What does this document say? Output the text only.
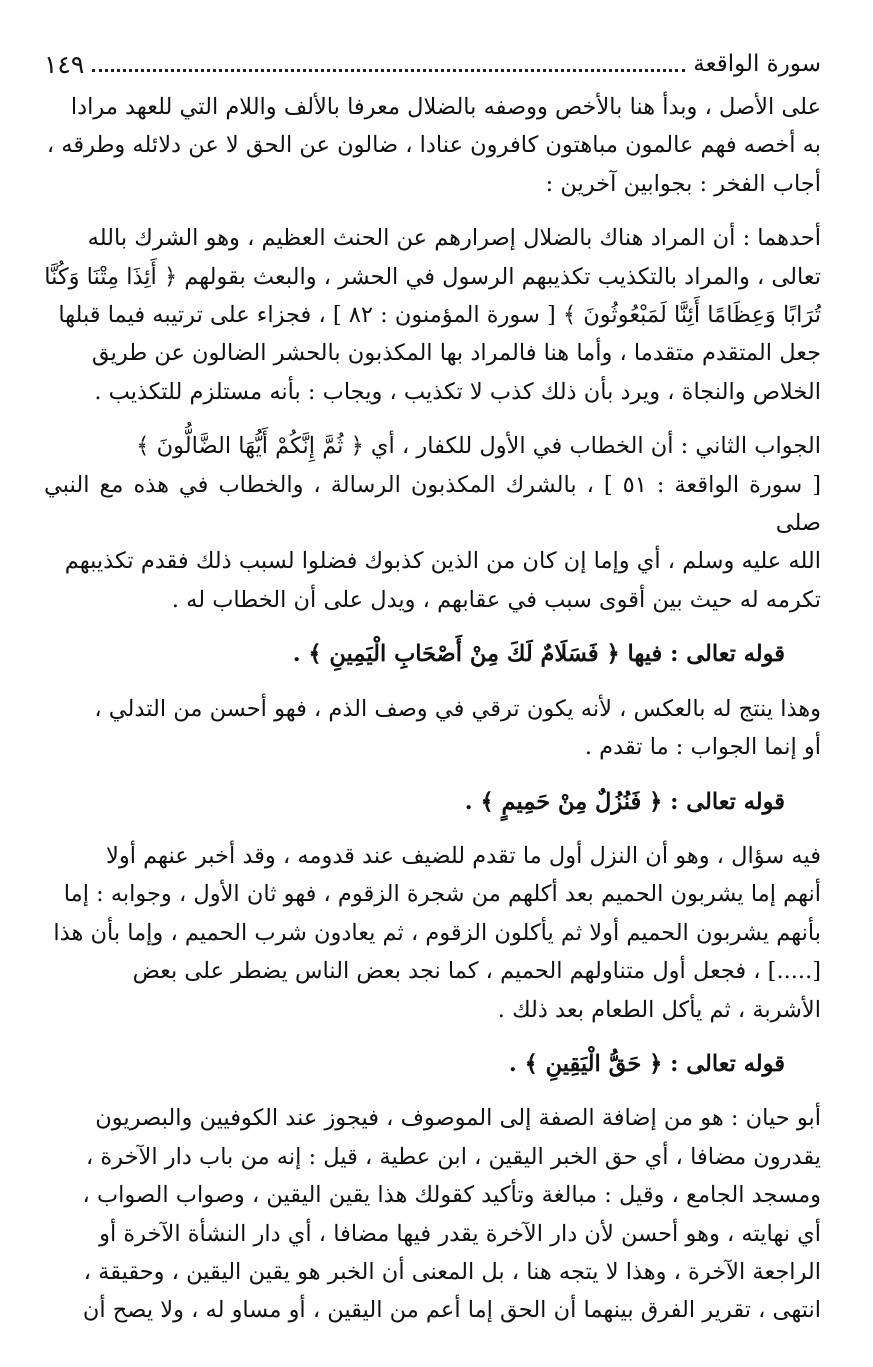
سورة الواقعة
١٤٩

على الأصل ، وبدأ هنا بالأخص ووصفه بالضلال معرفا بالألف واللام التي للعهد مرادا
به أخصه فهم عالمون مباهتون كافرون عنادا ، ضالون عن الحق لا عن دلائله وطرقه ،
أجاب الفخر : بجوابين آخرين :

أحدهما : أن المراد هناك بالضلال إصرارهم عن الحنث العظيم ، وهو الشرك بالله
تعالى ، والمراد بالتكذيب تكذيبهم الرسول في الحشر ، والبعث بقولهم ﴿ أَئِذَا مِتْنَا وَكُنَّا
تُرَابًا وَعِظَامًا أَئِنَّا لَمَبْعُوثُونَ ﴾ [ سورة المؤمنون : ٨٢ ] ، فجزاء على ترتيبه فيما قبلها
جعل المتقدم متقدما ، وأما هنا فالمراد بها المكذبون بالحشر الضالون عن طريق
الخلاص والنجاة ، ويرد بأن ذلك كذب لا تكذيب ، ويجاب : بأنه مستلزم للتكذيب .

الجواب الثاني : أن الخطاب في الأول للكفار ، أي ﴿ ثُمَّ إِنَّكُمْ أَيُّهَا الضَّالُّونَ ﴾
[ سورة الواقعة : ٥١ ] ، بالشرك المكذبون الرسالة ، والخطاب في هذه مع النبي صلى
الله عليه وسلم ، أي وإما إن كان من الذين كذبوك فضلوا لسبب ذلك فقدم تكذيبهم
تكرمه له حيث بين أقوى سبب في عقابهم ، ويدل على أن الخطاب له .

قوله تعالى : فيها ﴿ فَسَلَامٌ لَكَ مِنْ أَصْحَابِ الْيَمِينِ ﴾ .

وهذا ينتج له بالعكس ، لأنه يكون ترقي في وصف الذم ، فهو أحسن من التدلي ،
أو إنما الجواب : ما تقدم .

قوله تعالى : ﴿ فَنُزُلٌ مِنْ حَمِيمٍ ﴾ .

فيه سؤال ، وهو أن النزل أول ما تقدم للضيف عند قدومه ، وقد أخبر عنهم أولا
أنهم إما يشربون الحميم بعد أكلهم من شجرة الزقوم ، فهو ثان الأول ، وجوابه : إما
بأنهم يشربون الحميم أولا ثم يأكلون الزقوم ، ثم يعادون شرب الحميم ، وإما بأن هذا
[.....] ، فجعل أول متناولهم الحميم ، كما نجد بعض الناس يضطر على بعض
الأشربة ، ثم يأكل الطعام بعد ذلك .

قوله تعالى : ﴿ حَقُّ الْيَقِينِ ﴾ .

أبو حيان : هو من إضافة الصفة إلى الموصوف ، فيجوز عند الكوفيين والبصريون
يقدرون مضافا ، أي حق الخبر اليقين ، ابن عطية ، قيل : إنه من باب دار الآخرة ،
ومسجد الجامع ، وقيل : مبالغة وتأكيد كقولك هذا يقين اليقين ، وصواب الصواب ،
أي نهايته ، وهو أحسن لأن دار الآخرة يقدر فيها مضافا ، أي دار النشأة الآخرة أو
الراجعة الآخرة ، وهذا لا يتجه هنا ، بل المعنى أن الخبر هو يقين اليقين ، وحقيقة ،
انتهى ، تقرير الفرق بينهما أن الحق إما أعم من اليقين ، أو مساو له ، ولا يصح أن
